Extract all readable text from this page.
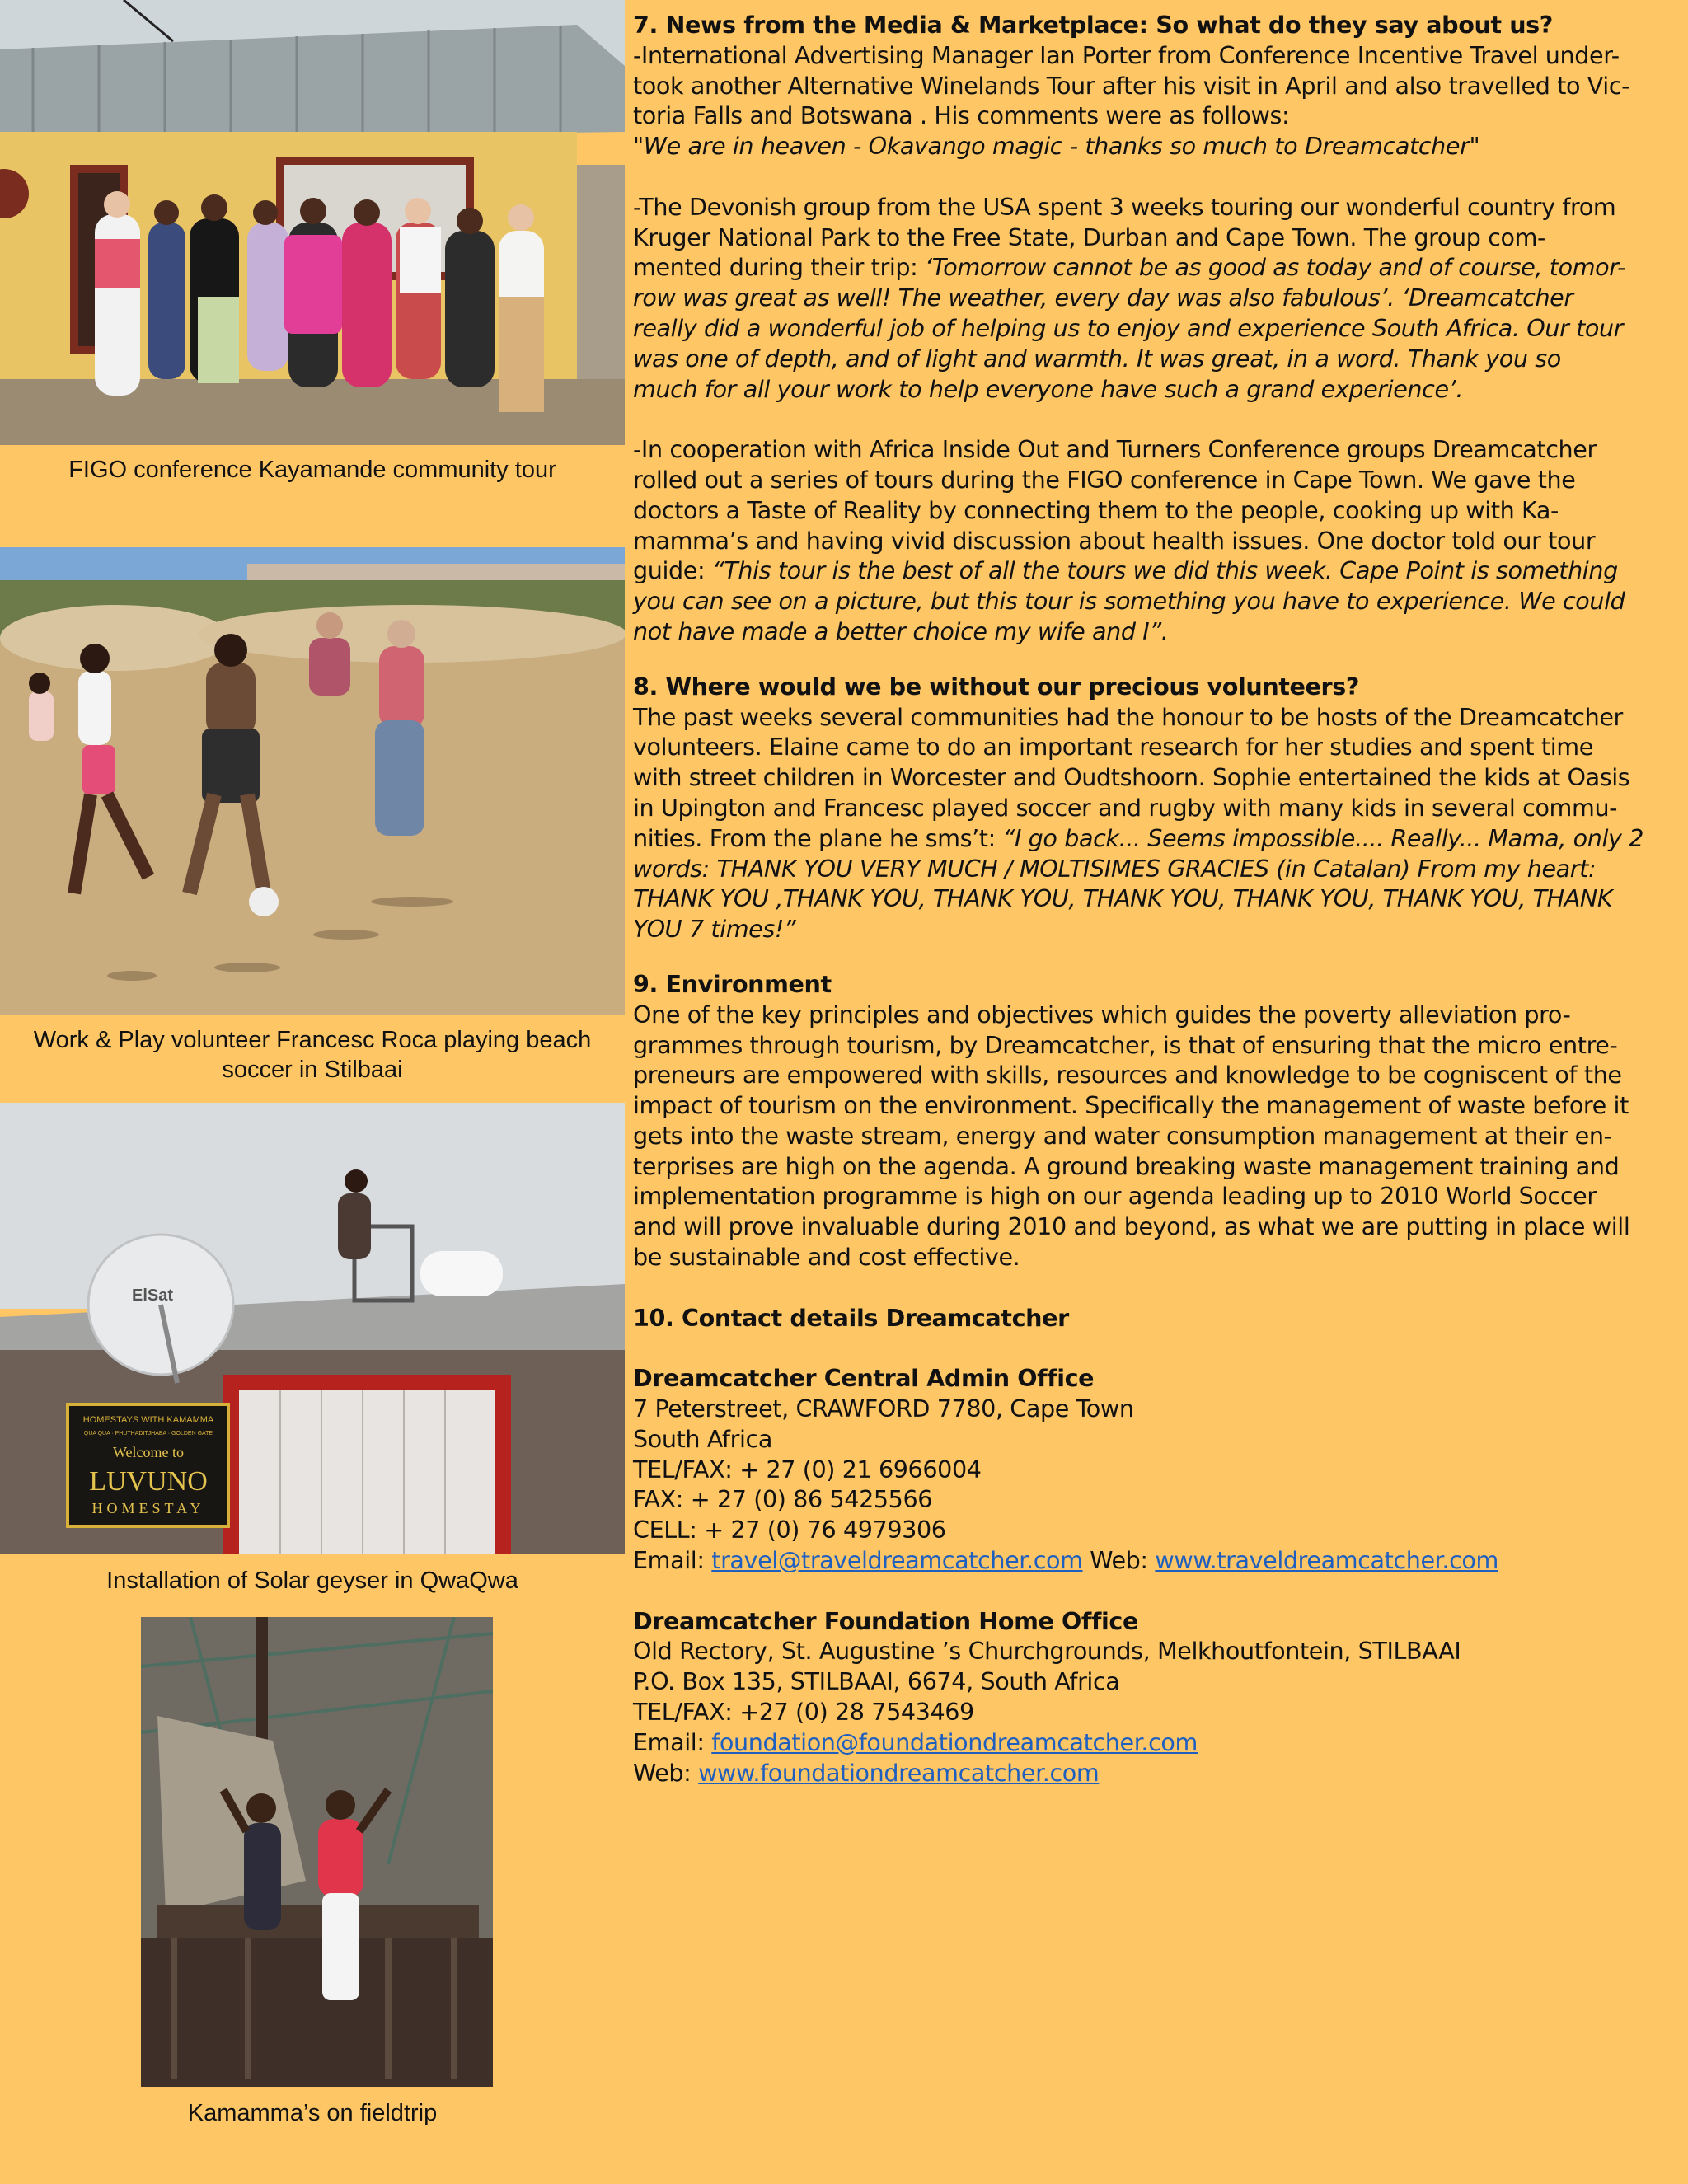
FIGO conference Kayamande community tour
Work & Play volunteer Francesc Roca playing beach soccer in Stilbaai
ElSat
HOMESTAYS WITH KAMAMMA
QUA QUA · PHUTHADITJHABA · GOLDEN GATE
Welcome to
LUVUNO
HOMESTAY
Installation of Solar geyser in QwaQwa
Kamamma’s on fieldtrip

7. News from the Media & Marketplace: So what do they say about us?

-International Advertising Manager Ian Porter from Conference Incentive Travel under-

took another Alternative Winelands Tour after his visit in April and also travelled to Vic-

toria Falls and Botswana . His comments were as follows:

"We are in heaven - Okavango magic - thanks so much to Dreamcatcher"

-The Devonish group from the USA spent 3 weeks touring our wonderful country from

Kruger National Park to the Free State, Durban and Cape Town. The group com-

mented during their trip: ‘Tomorrow cannot be as good as today and of course, tomor-

row was great as well! The weather, every day was also fabulous’. ‘Dreamcatcher

really did a wonderful job of helping us to enjoy and experience South Africa. Our tour

was one of depth, and of light and warmth. It was great, in a word. Thank you so

much for all your work to help everyone have such a grand experience’.

-In cooperation with Africa Inside Out and Turners Conference groups Dreamcatcher

rolled out a series of tours during the FIGO conference in Cape Town. We gave the

doctors a Taste of Reality by connecting them to the people, cooking up with Ka-

mamma’s and having vivid discussion about health issues. One doctor told our tour

guide: “This tour is the best of all the tours we did this week. Cape Point is something

you can see on a picture, but this tour is something you have to experience. We could

not have made a better choice my wife and I”.

8. Where would we be without our precious volunteers?

The past weeks several communities had the honour to be hosts of the Dreamcatcher

volunteers. Elaine came to do an important research for her studies and spent time

with street children in Worcester and Oudtshoorn. Sophie entertained the kids at Oasis

in Upington and Francesc played soccer and rugby with many kids in several commu-

nities. From the plane he sms’t: “I go back... Seems impossible.... Really... Mama, only 2

words: THANK YOU VERY MUCH / MOLTISIMES GRACIES (in Catalan) From my heart:

THANK YOU ,THANK YOU, THANK YOU, THANK YOU, THANK YOU, THANK YOU, THANK

YOU 7 times!”

9. Environment

One of the key principles and objectives which guides the poverty alleviation pro-

grammes through tourism, by Dreamcatcher, is that of ensuring that the micro entre-

preneurs are empowered with skills, resources and knowledge to be cogniscent of the

impact of tourism on the environment. Specifically the management of waste before it

gets into the waste stream, energy and water consumption management at their en-

terprises are high on the agenda. A ground breaking waste management training and

implementation programme is high on our agenda leading up to 2010 World Soccer

and will prove invaluable during 2010 and beyond, as what we are putting in place will

be sustainable and cost effective.

10. Contact details Dreamcatcher

Dreamcatcher Central Admin Office

7 Peterstreet, CRAWFORD 7780, Cape Town

South Africa

TEL/FAX: + 27 (0) 21 6966004

FAX: + 27 (0) 86 5425566

CELL: + 27 (0) 76 4979306

Email: travel@traveldreamcatcher.com Web: www.traveldreamcatcher.com

Dreamcatcher Foundation Home Office

Old Rectory, St. Augustine ’s Churchgrounds, Melkhoutfontein, STILBAAI

P.O. Box 135, STILBAAI, 6674, South Africa

TEL/FAX: +27 (0) 28 7543469

Email: foundation@foundationdreamcatcher.com

Web: www.foundationdreamcatcher.com
